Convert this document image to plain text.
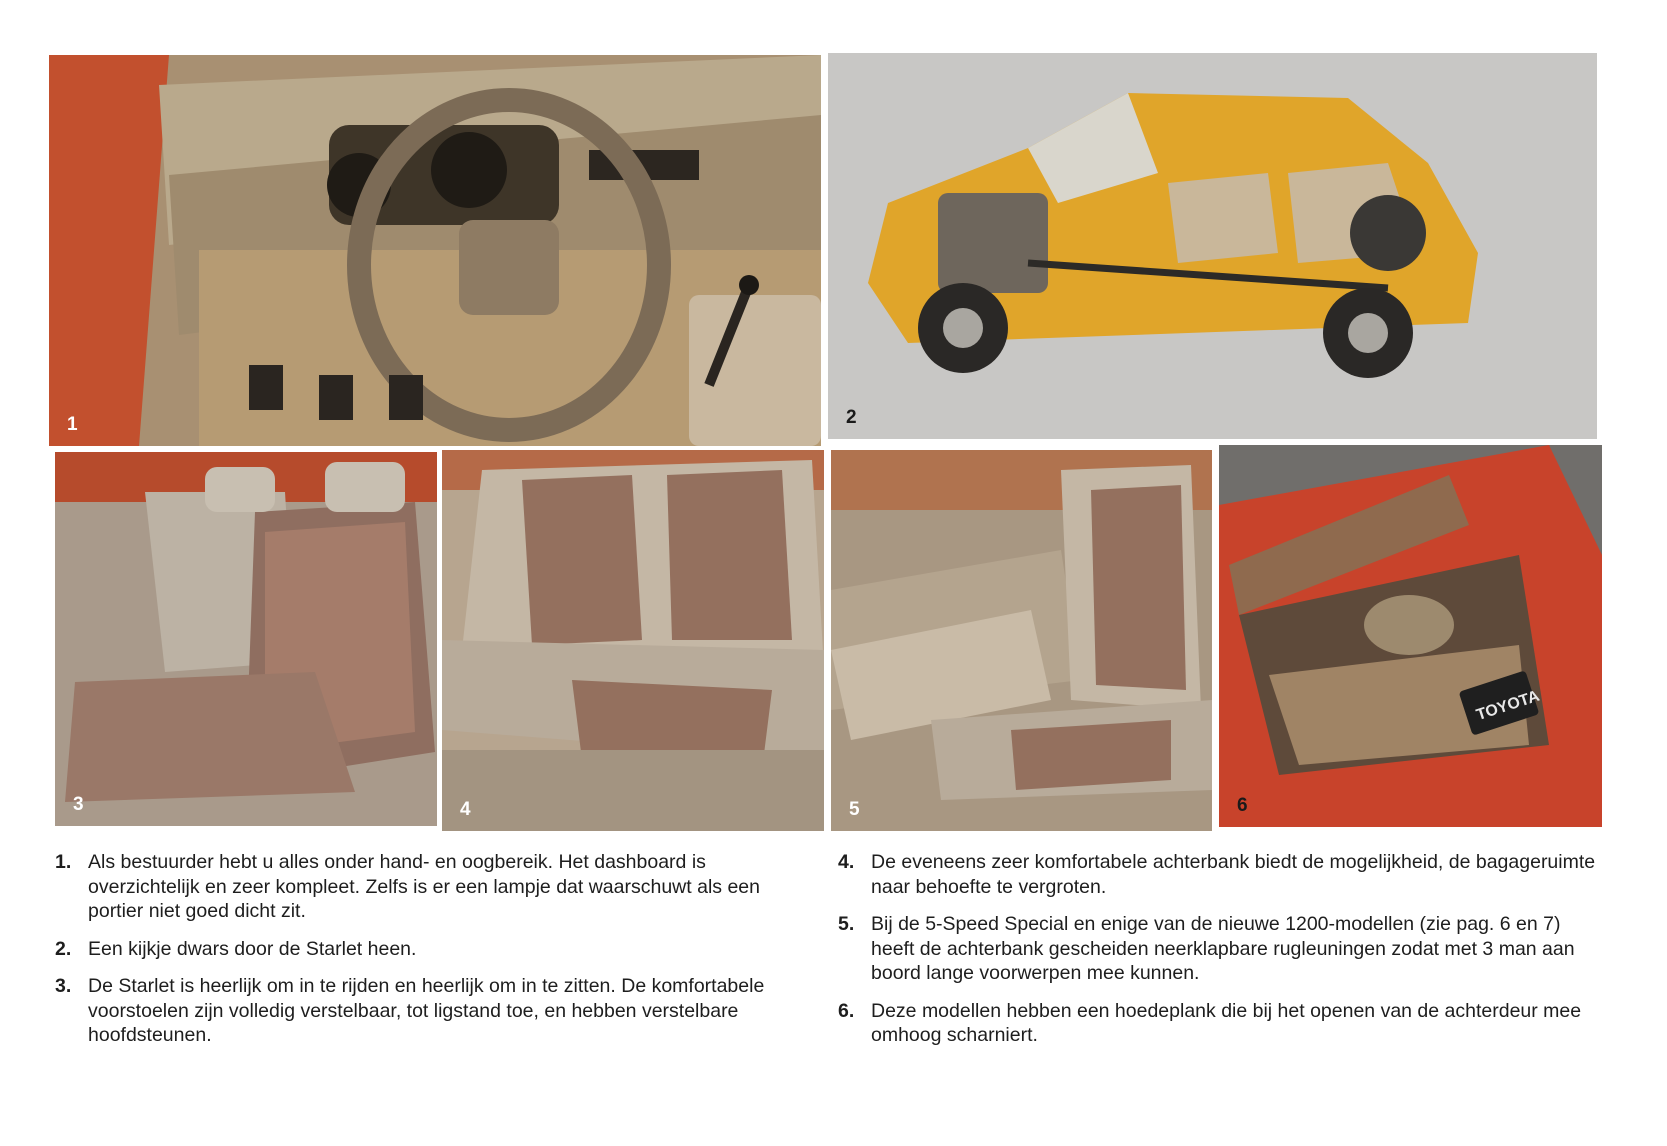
1	2
3	4	5
TOYOTA
6
1. Als bestuurder hebt u alles onder hand- en oogbereik. Het dashboard is overzichtelijk en zeer kompleet. Zelfs is er een lampje dat waarschuwt als een portier niet goed dicht zit.
2. Een kijkje dwars door de Starlet heen.
3. De Starlet is heerlijk om in te rijden en heerlijk om in te zitten. De komfortabele voorstoelen zijn volledig verstelbaar, tot ligstand toe, en hebben verstelbare hoofdsteunen.
4. De eveneens zeer komfortabele achterbank biedt de mogelijkheid, de bagageruimte naar behoefte te vergroten.
5. Bij de 5-Speed Special en enige van de nieuwe 1200-modellen (zie pag. 6 en 7) heeft de achterbank gescheiden neerklapbare rugleuningen zodat met 3 man aan boord lange voorwerpen mee kunnen.
6. Deze modellen hebben een hoedeplank die bij het openen van de achterdeur mee omhoog scharniert.
